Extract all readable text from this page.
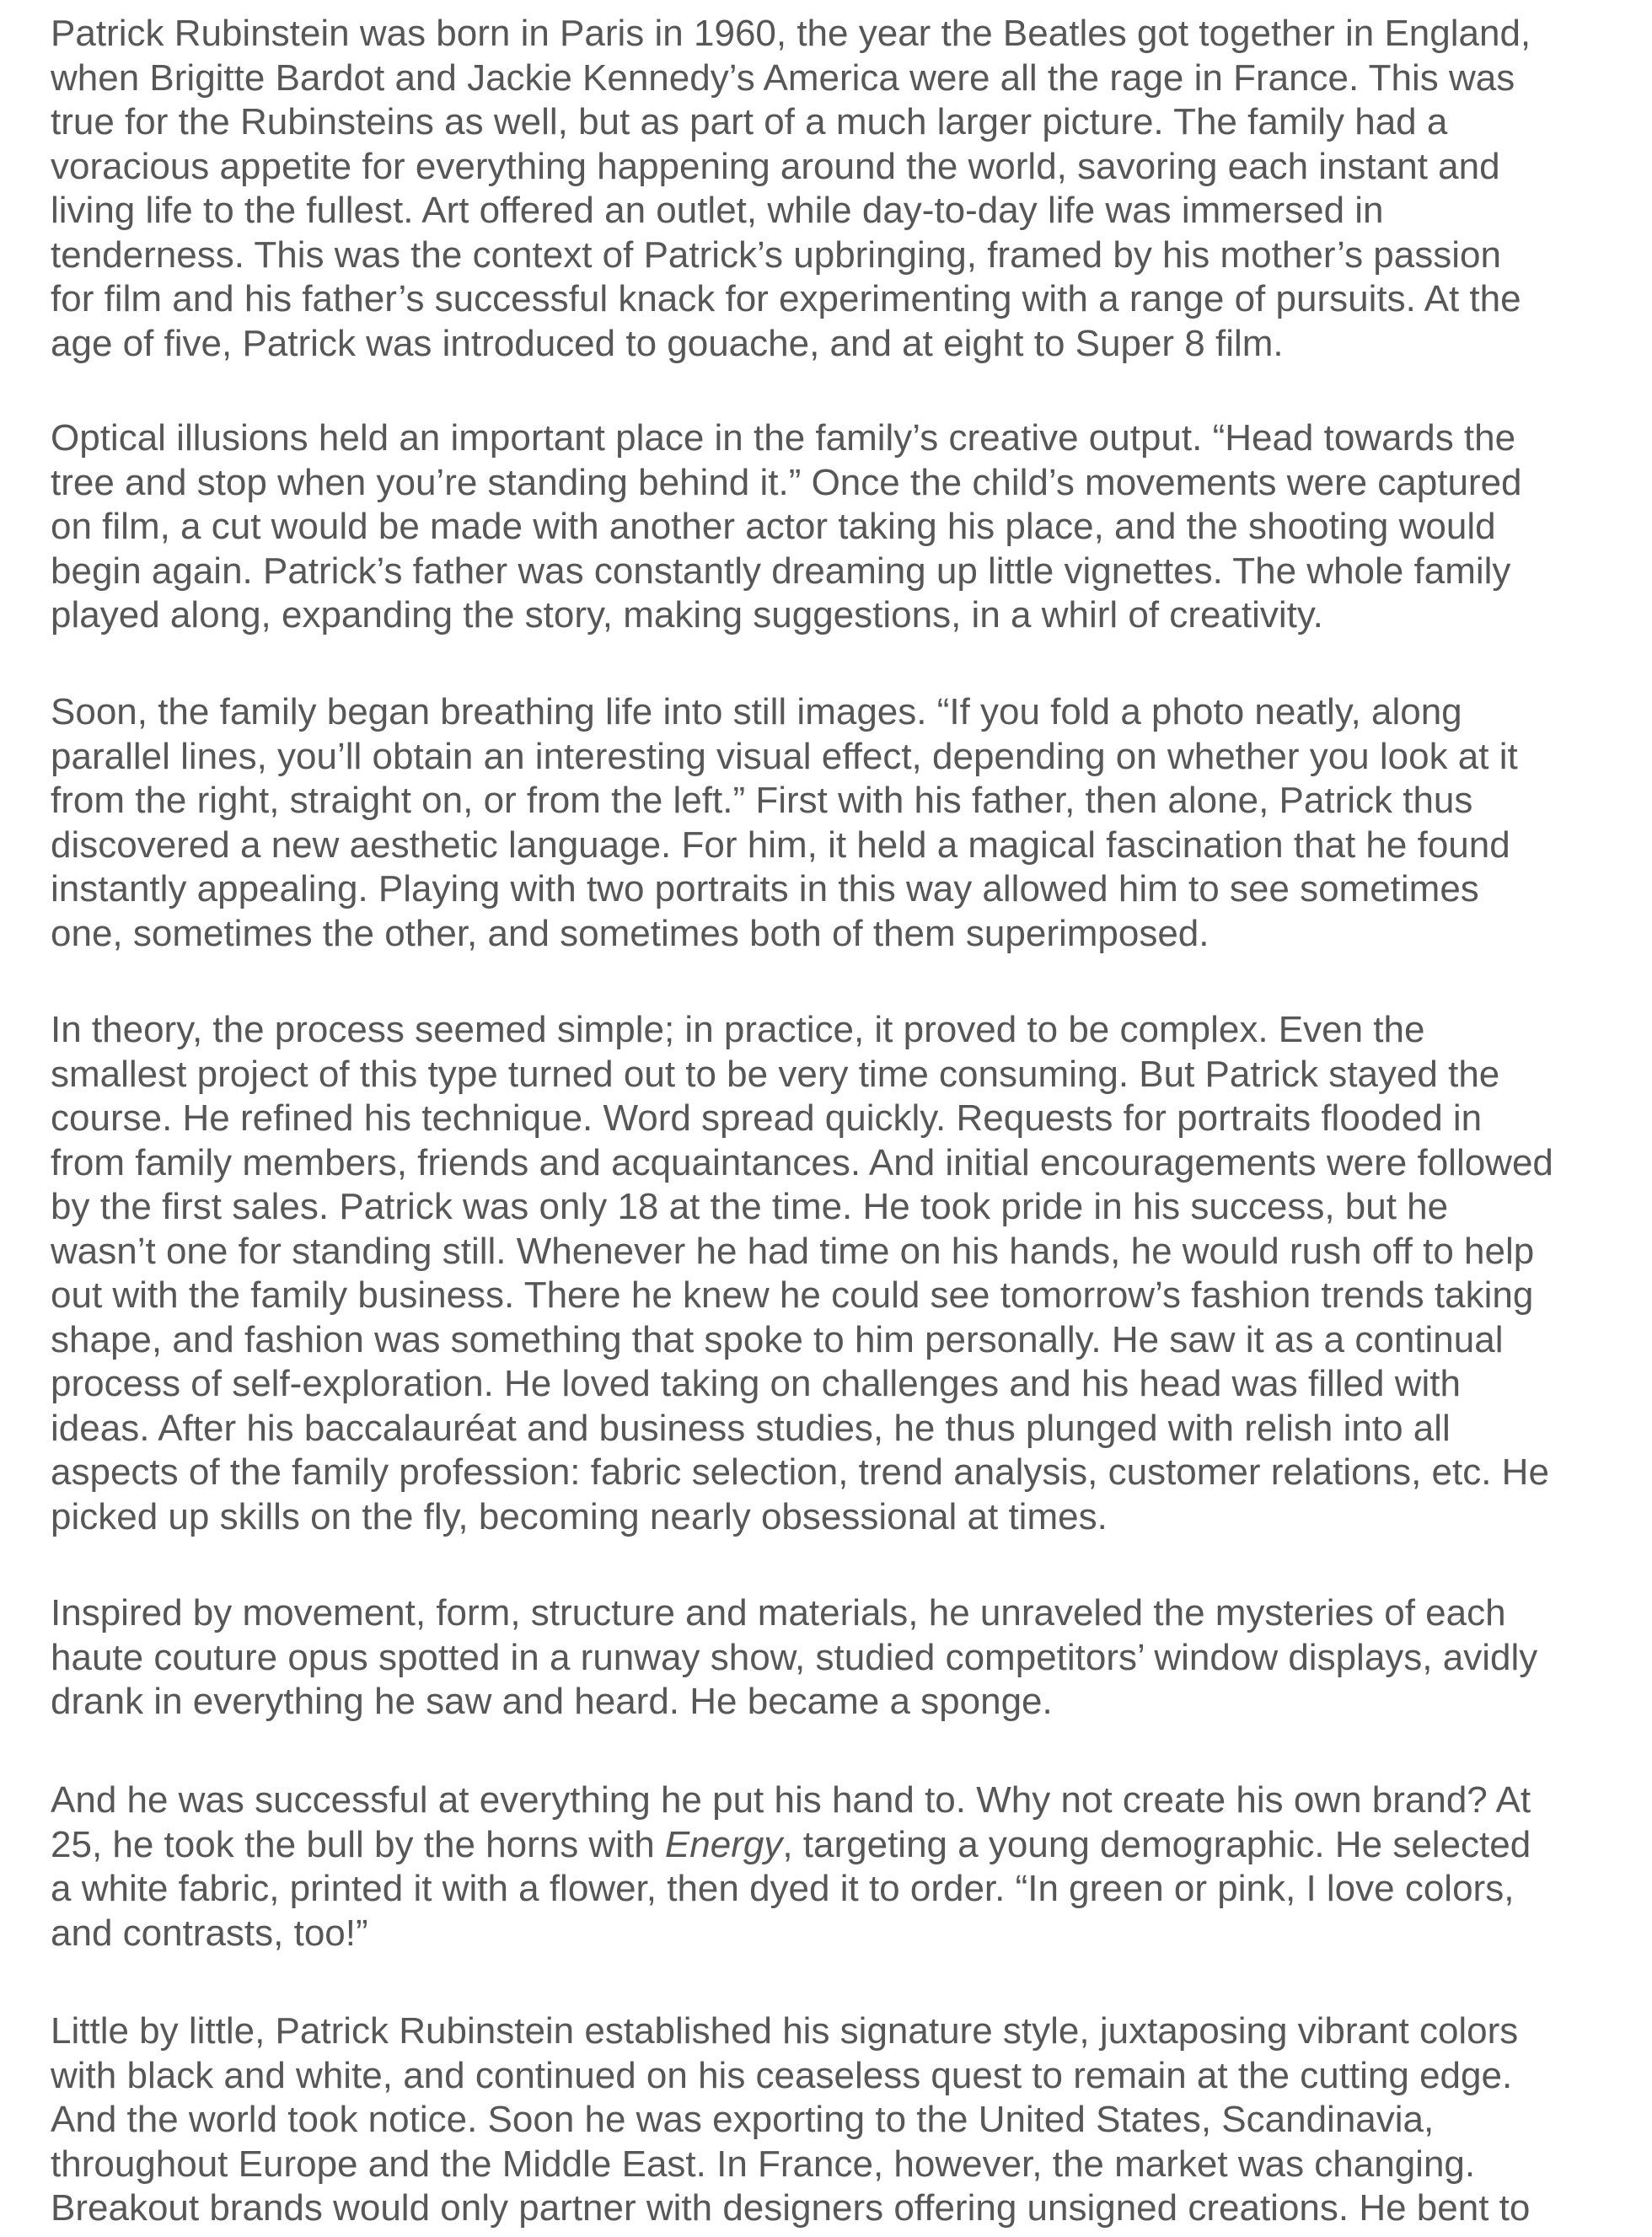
Patrick Rubinstein was born in Paris in 1960, the year the Beatles got together in England,
when Brigitte Bardot and Jackie Kennedy’s America were all the rage in France. This was
true for the Rubinsteins as well, but as part of a much larger picture. The family had a
voracious appetite for everything happening around the world, savoring each instant and
living life to the fullest. Art offered an outlet, while day-to-day life was immersed in
tenderness. This was the context of Patrick’s upbringing, framed by his mother’s passion
for film and his father’s successful knack for experimenting with a range of pursuits. At the
age of five, Patrick was introduced to gouache, and at eight to Super 8 film.

Optical illusions held an important place in the family’s creative output. “Head towards the
tree and stop when you’re standing behind it.” Once the child’s movements were captured
on film, a cut would be made with another actor taking his place, and the shooting would
begin again. Patrick’s father was constantly dreaming up little vignettes. The whole family
played along, expanding the story, making suggestions, in a whirl of creativity.

Soon, the family began breathing life into still images. “If you fold a photo neatly, along
parallel lines, you’ll obtain an interesting visual effect, depending on whether you look at it
from the right, straight on, or from the left.” First with his father, then alone, Patrick thus
discovered a new aesthetic language. For him, it held a magical fascination that he found
instantly appealing. Playing with two portraits in this way allowed him to see sometimes
one, sometimes the other, and sometimes both of them superimposed.

In theory, the process seemed simple; in practice, it proved to be complex. Even the
smallest project of this type turned out to be very time consuming. But Patrick stayed the
course. He refined his technique. Word spread quickly. Requests for portraits flooded in
from family members, friends and acquaintances. And initial encouragements were followed
by the first sales. Patrick was only 18 at the time. He took pride in his success, but he
wasn’t one for standing still. Whenever he had time on his hands, he would rush off to help
out with the family business. There he knew he could see tomorrow’s fashion trends taking
shape, and fashion was something that spoke to him personally. He saw it as a continual
process of self-exploration. He loved taking on challenges and his head was filled with
ideas. After his baccalauréat and business studies, he thus plunged with relish into all
aspects of the family profession: fabric selection, trend analysis, customer relations, etc. He
picked up skills on the fly, becoming nearly obsessional at times.

Inspired by movement, form, structure and materials, he unraveled the mysteries of each
haute couture opus spotted in a runway show, studied competitors’ window displays, avidly
drank in everything he saw and heard. He became a sponge.

And he was successful at everything he put his hand to. Why not create his own brand? At
25, he took the bull by the horns with Energy, targeting a young demographic. He selected
a white fabric, printed it with a flower, then dyed it to order. “In green or pink, I love colors,
and contrasts, too!”

Little by little, Patrick Rubinstein established his signature style, juxtaposing vibrant colors
with black and white, and continued on his ceaseless quest to remain at the cutting edge.
And the world took notice. Soon he was exporting to the United States, Scandinavia,
throughout Europe and the Middle East. In France, however, the market was changing.
Breakout brands would only partner with designers offering unsigned creations. He bent to
